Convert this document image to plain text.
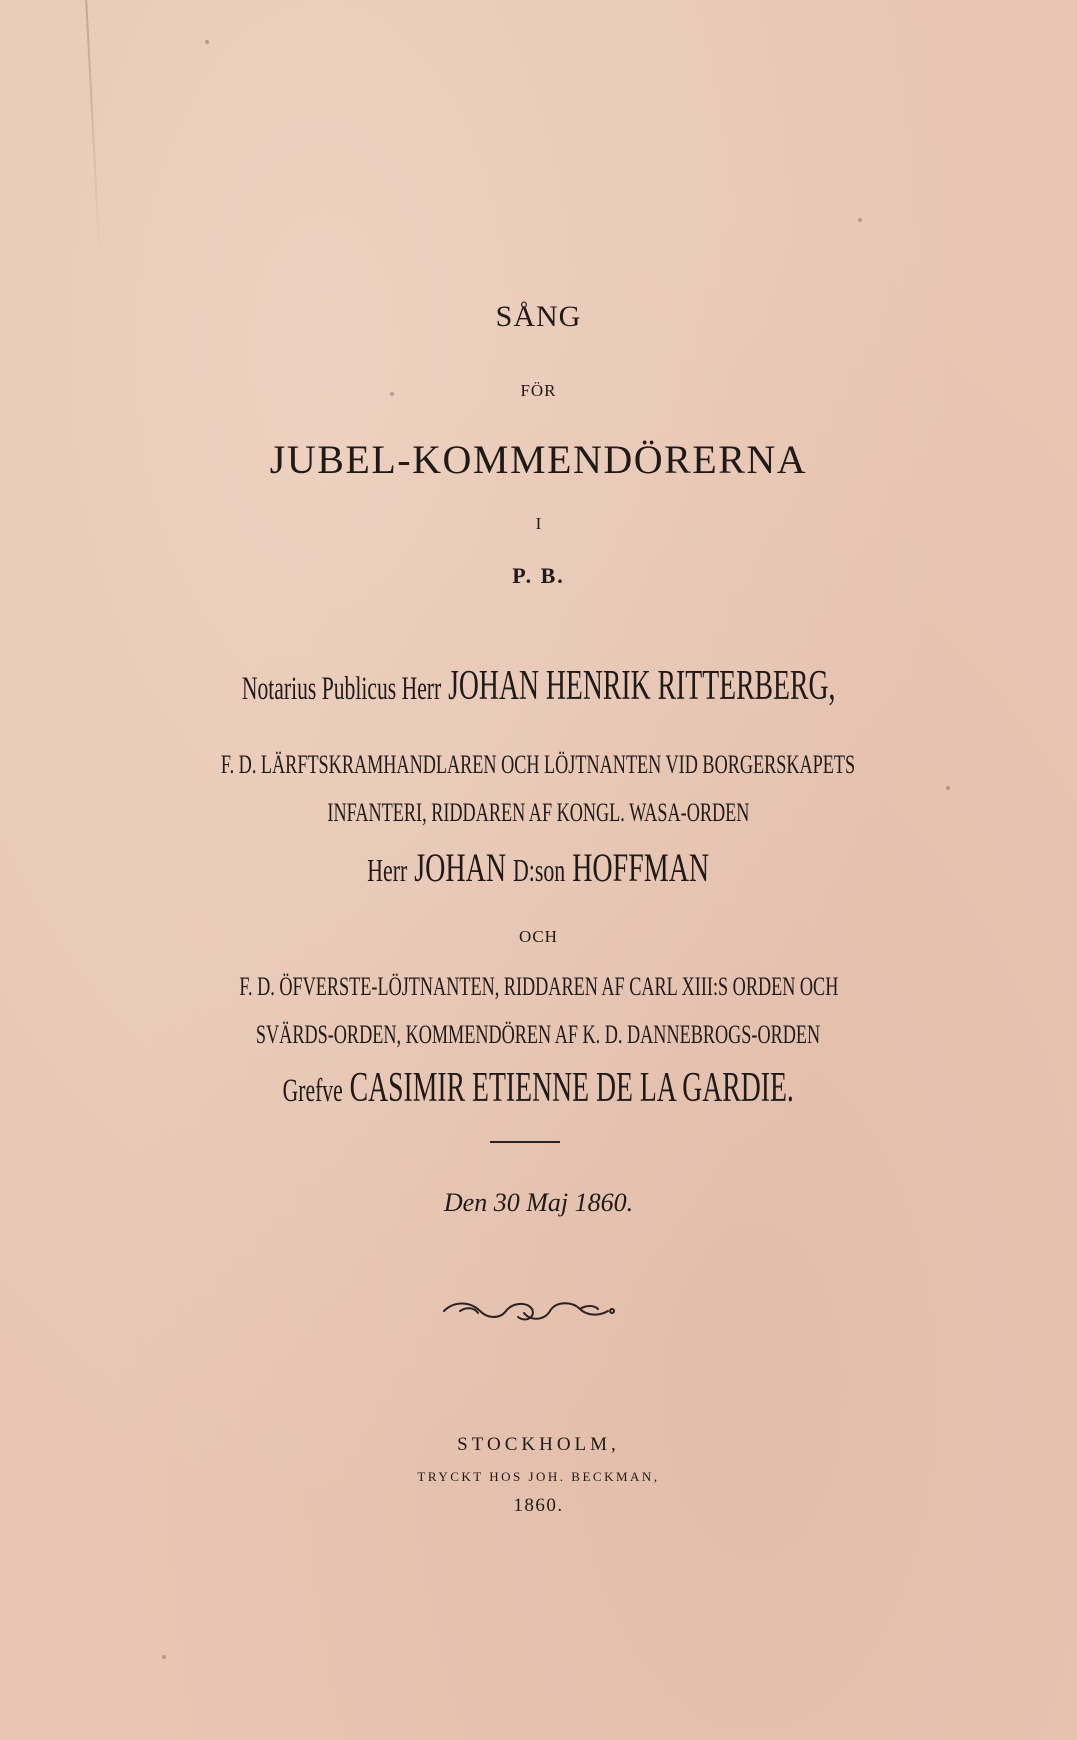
SÅNG
FÖR
JUBEL-KOMMENDÖRERNA
I
P. B.
Notarius Publicus Herr JOHAN HENRIK RITTERBERG,
F. D. LÄRFTSKRAMHANDLAREN OCH LÖJTNANTEN VID BORGERSKAPETS
INFANTERI, RIDDAREN AF KONGL. WASA-ORDEN
Herr JOHAN D:son HOFFMAN
OCH
F. D. ÖFVERSTE-LÖJTNANTEN, RIDDAREN AF CARL XIII:S ORDEN OCH
SVÄRDS-ORDEN, KOMMENDÖREN AF K. D. DANNEBROGS-ORDEN
Grefve CASIMIR ETIENNE DE LA GARDIE.
Den 30 Maj 1860.
STOCKHOLM,
TRYCKT HOS JOH. BECKMAN,
1860.
